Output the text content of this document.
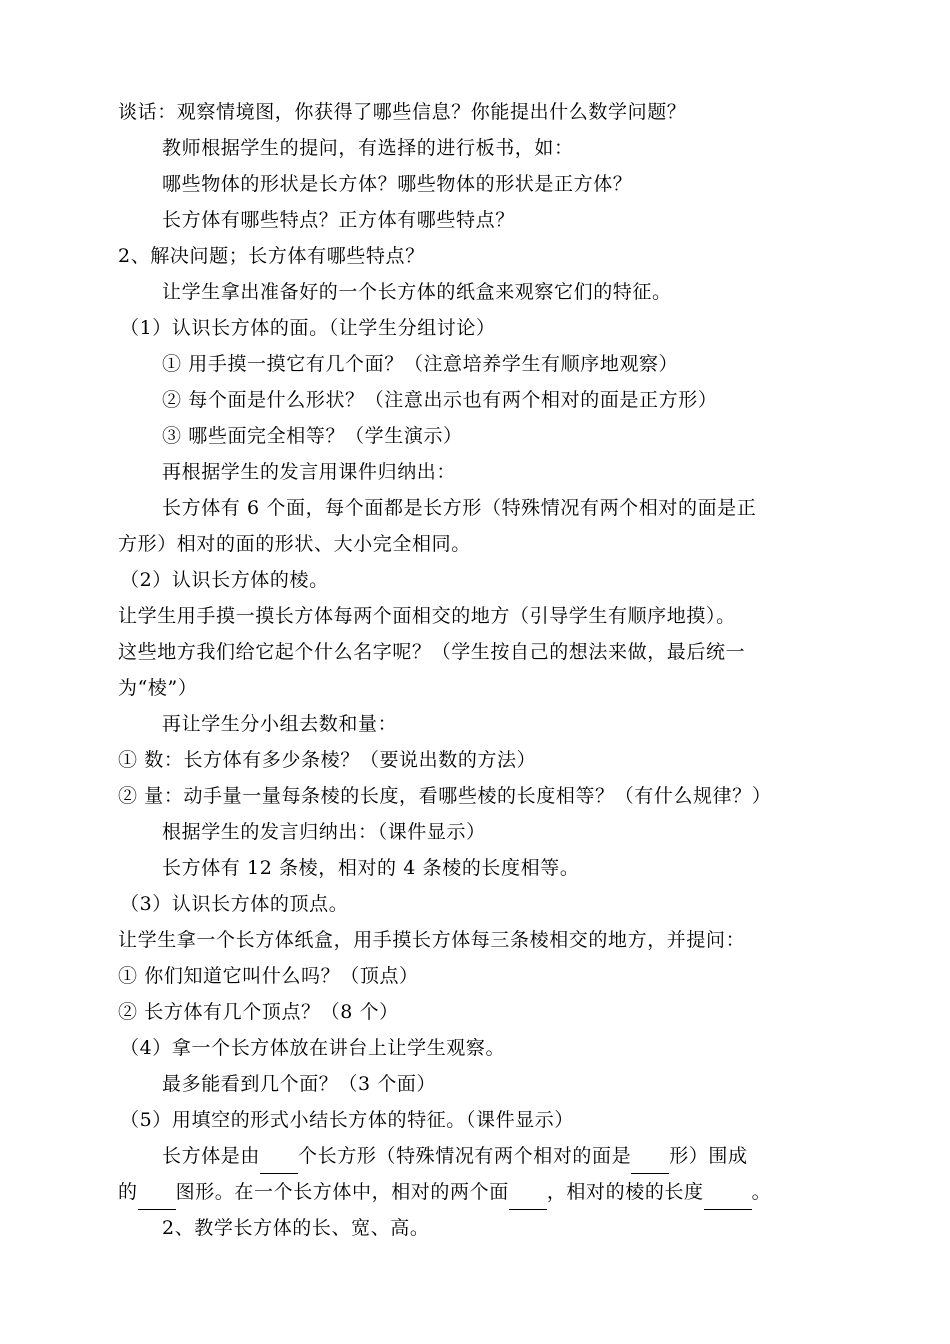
谈话：观察情境图，你获得了哪些信息？你能提出什么数学问题？
教师根据学生的提问，有选择的进行板书，如：
哪些物体的形状是长方体？哪些物体的形状是正方体？
长方体有哪些特点？正方体有哪些特点？
2、解决问题；长方体有哪些特点？
让学生拿出准备好的一个长方体的纸盒来观察它们的特征。
（1）认识长方体的面。（让学生分组讨论）
① 用手摸一摸它有几个面？（注意培养学生有顺序地观察）
② 每个面是什么形状？（注意出示也有两个相对的面是正方形）
③ 哪些面完全相等？（学生演示）
再根据学生的发言用课件归纳出：
长方体有 6 个面，每个面都是长方形（特殊情况有两个相对的面是正
方形）相对的面的形状、大小完全相同。
（2）认识长方体的棱。
让学生用手摸一摸长方体每两个面相交的地方（引导学生有顺序地摸）。
这些地方我们给它起个什么名字呢？（学生按自己的想法来做，最后统一
为“棱”）
再让学生分小组去数和量：
① 数：长方体有多少条棱？（要说出数的方法）
② 量：动手量一量每条棱的长度，看哪些棱的长度相等？（有什么规律？）
根据学生的发言归纳出：（课件显示）
长方体有 12 条棱，相对的 4 条棱的长度相等。
（3）认识长方体的顶点。
让学生拿一个长方体纸盒，用手摸长方体每三条棱相交的地方，并提问：
① 你们知道它叫什么吗？（顶点）
② 长方体有几个顶点？（8 个）
（4）拿一个长方体放在讲台上让学生观察。
最多能看到几个面？（3 个面）
（5）用填空的形式小结长方体的特征。（课件显示）
长方体是由 个长方形（特殊情况有两个相对的面是 形）围成
的 图形。在一个长方体中，相对的两个面 ，相对的棱的长度	。
2、教学长方体的长、宽、高。
